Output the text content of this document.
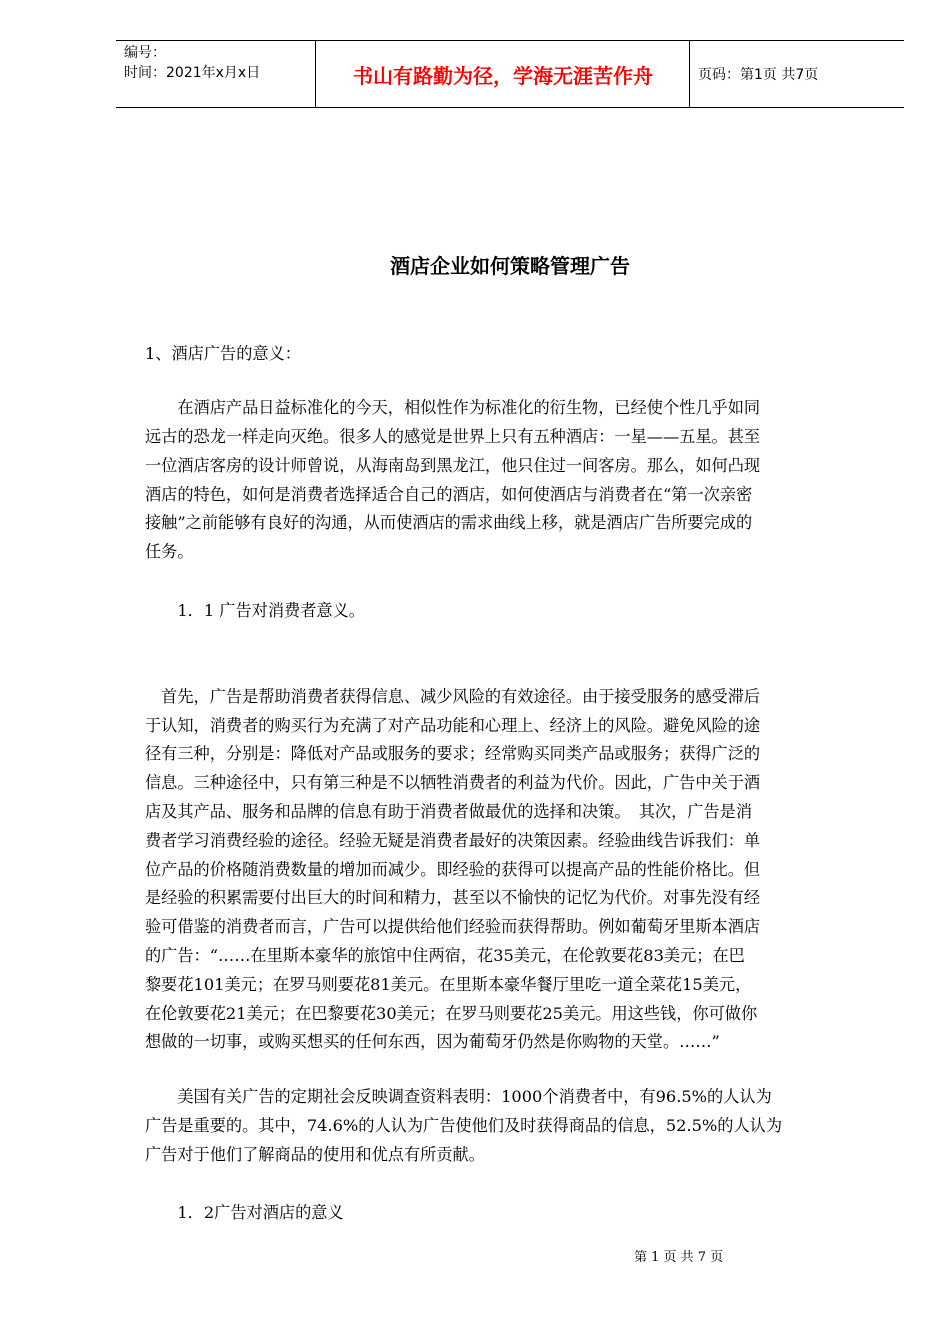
编号：
时间：2021年x月x日	书山有路勤为径，学海无涯苦作舟	页码：第1页 共7页
酒店企业如何策略管理广告
1、酒店广告的意义：
　　在酒店产品日益标准化的今天，相似性作为标准化的衍生物，已经使个性几乎如同
远古的恐龙一样走向灭绝。很多人的感觉是世界上只有五种酒店：一星——五星。甚至
一位酒店客房的设计师曾说，从海南岛到黑龙江，他只住过一间客房。那么，如何凸现
酒店的特色，如何是消费者选择适合自己的酒店，如何使酒店与消费者在“第一次亲密
接触”之前能够有良好的沟通，从而使酒店的需求曲线上移，就是酒店广告所要完成的
任务。
　　1．1 广告对消费者意义。
　首先，广告是帮助消费者获得信息、减少风险的有效途径。由于接受服务的感受滞后
于认知，消费者的购买行为充满了对产品功能和心理上、经济上的风险。避免风险的途
径有三种，分别是：降低对产品或服务的要求；经常购买同类产品或服务；获得广泛的
信息。三种途径中，只有第三种是不以牺牲消费者的利益为代价。因此，广告中关于酒
店及其产品、服务和品牌的信息有助于消费者做最优的选择和决策。　其次，广告是消
费者学习消费经验的途径。经验无疑是消费者最好的决策因素。经验曲线告诉我们：单
位产品的价格随消费数量的增加而减少。即经验的获得可以提高产品的性能价格比。但
是经验的积累需要付出巨大的时间和精力，甚至以不愉快的记忆为代价。对事先没有经
验可借鉴的消费者而言，广告可以提供给他们经验而获得帮助。例如葡萄牙里斯本酒店
的广告：“……在里斯本豪华的旅馆中住两宿，花35美元，在伦敦要花83美元；在巴
黎要花101美元；在罗马则要花81美元。在里斯本豪华餐厅里吃一道全菜花15美元，
在伦敦要花21美元；在巴黎要花30美元；在罗马则要花25美元。用这些钱，你可做你
想做的一切事，或购买想买的任何东西，因为葡萄牙仍然是你购物的天堂。……”
　　美国有关广告的定期社会反映调查资料表明：1000个消费者中，有96.5%的人认为
广告是重要的。其中，74.6%的人认为广告使他们及时获得商品的信息，52.5%的人认为
广告对于他们了解商品的使用和优点有所贡献。
　　1．2广告对酒店的意义
第 1 页 共 7 页
